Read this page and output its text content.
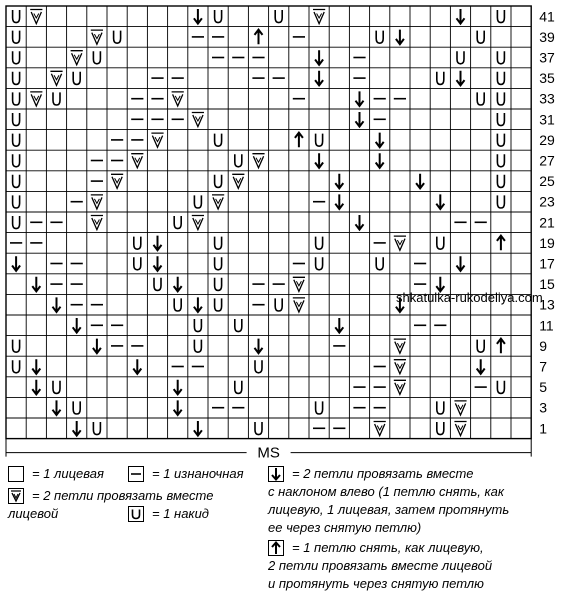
41
39
37
35
33
31
29
27
25
23
21
19
17
15
13
11
9
7
5
3
1
MS
shkatulka-rukodeliya.com
= 1 лицевая	= 1 изнаночная
= 2 петли провязать вместе
лицевой	= 1 накид
= 2 петли провязать вместе
с наклоном влево (1 петлю снять, как
лицевую, 1 лицевая, затем протянуть
ее через снятую петлю)
= 1 петлю снять, как лицевую,
2 петли провязать вместе лицевой
и протянуть через снятую петлю
